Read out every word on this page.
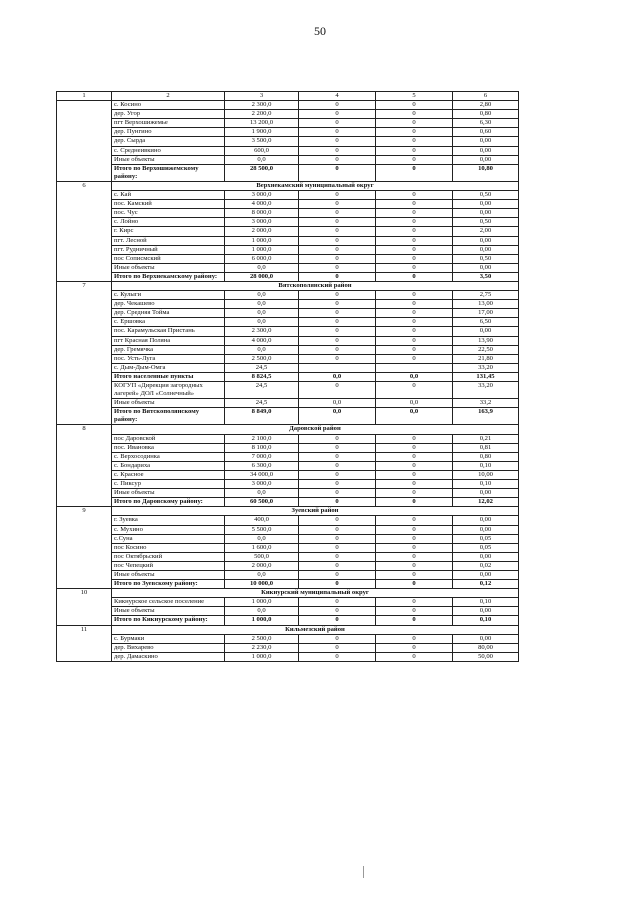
50
1	2	3	4	5	6
	с. Косино	2 300,0	0	0	2,80
	дер. Угор	2 200,0	0	0	0,80
	пгт Верхошижемье	13 200,0	0	0	6,30
	дер. Пунгино	1 900,0	0	0	0,60
	дер. Сырда	3 500,0	0	0	0,00
	с. Среднеивкино	600,0	0	0	0,00
	Иные объекты	0,0	0	0	0,00
	Итого по Верхошижемскому району:	28 500,0	0	0	10,80
6	Верхнекамский муниципальный округ				
	с. Кай	3 000,0	0	0	0,50
	пос. Камский	4 000,0	0	0	0,00
	пос. Чус	8 000,0	0	0	0,00
	с. Лойно	3 000,0	0	0	0,50
	г. Кирс	2 000,0	0	0	2,00
	пгт. Лесной	1 000,0	0	0	0,00
	пгт. Рудничный	1 000,0	0	0	0,00
	пос Сописмский	6 000,0	0	0	0,50
	Иные объекты	0,0	0	0	0,00
	Итого по Верхнекамскому району:	28 000,0	0	0	3,50
7	Вятскополянский район				
	с. Кулыги	0,0	0	0	2,75
	дер. Чекашево	0,0	0	0	13,00
	дер. Средняя Тойма	0,0	0	0	17,00
	с. Ершовка	0,0	0	0	6,50
	пос. Карамульская Пристань	2 300,0	0	0	0,00
	пгт Красная Поляна	4 000,0	0	0	13,90
	дер. Гремячка	0,0	0	0	22,50
	пос. Усть-Луга	2 500,0	0	0	21,80
	с. Дым-Дым-Омга	24,5			33,20
	Итого населенные пункты	8 824,5	0,0	0,0	131,45
	КОГУП «Дирекция загородных лагерей» ДОЛ «Солнечный»	24,5	0	0	33,20
	Иные объекты	24,5	0,0	0,0	33,2
	Итого по Вятскополянскому району:	8 849,0	0,0	0,0	163,9
8	Даровской район				
	пос Даровской	2 100,0	0	0	0,21
	пос. Ивановка	8 100,0	0	0	0,81
	с. Верхосодинка	7 000,0	0	0	0,80
	с. Бондариха	6 300,0	0	0	0,10
	с. Красное	34 000,0	0	0	10,00
	с. Пиксур	3 000,0	0	0	0,10
	Иные объекты	0,0	0	0	0,00
	Итого по Даровскому району:	60 500,0	0	0	12,02
9	Зуевский район				
	г. Зуевка	400,0	0	0	0,00
	с. Мухино	5 500,0	0	0	0,00
	с.Суна	0,0	0	0	0,05
	пос Косино	1 600,0	0	0	0,05
	пос Октябрьский	500,0	0	0	0,00
	пос Чепецкий	2 000,0	0	0	0,02
	Иные объекты	0,0	0	0	0,00
	Итого по Зуевскому району:	10 000,0	0	0	0,12
10	Кикнурский муниципальный округ				
	Кикнурское сельское поселение	1 000,0	0	0	0,10
	Иные объекты	0,0	0	0	0,00
	Итого по Кикнурскому району:	1 000,0	0	0	0,10
11	Кильмезский район				
	с. Бурмаки	2 500,0	0	0	0,00
	дер. Вихарево	2 230,0	0	0	80,00
	дер. Дамаскино	1 000,0	0	0	50,00
